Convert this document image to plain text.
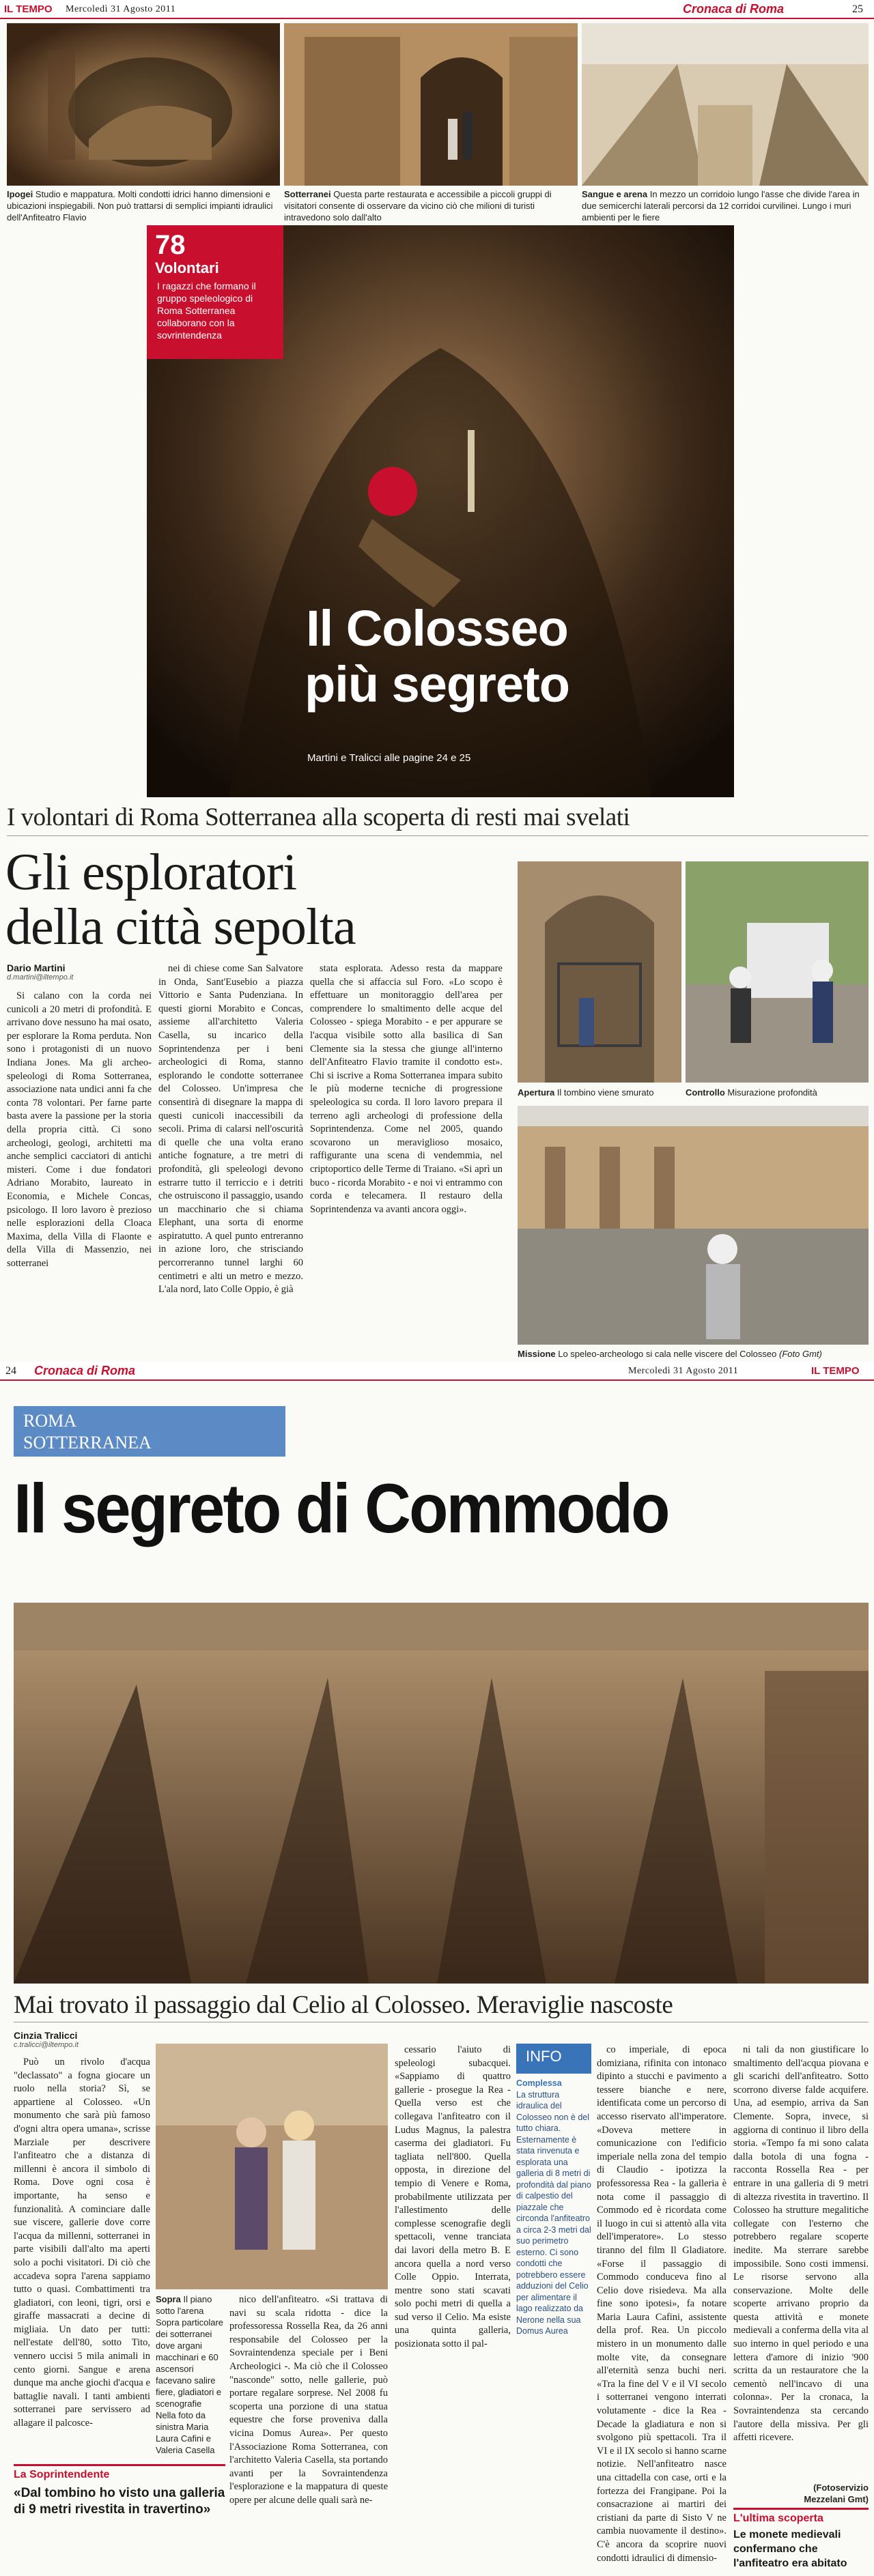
IL TEMPO Mercoledì 31 Agosto 2011	Cronaca di Roma	25
Ipogei Studio e mappatura. Molti condotti idrici hanno dimensioni e ubicazioni inspiegabili. Non può trattarsi di semplici impianti idraulici dell'Anfiteatro Flavio
Sotterranei Questa parte restaurata e accessibile a piccoli gruppi di visitatori consente di osservare da vicino ciò che milioni di turisti intravedono solo dall'alto
Sangue e arena In mezzo un corridoio lungo l'asse che divide l'area in due semicerchi laterali percorsi da 12 corridoi curvilinei. Lungo i muri ambienti per le fiere
78
Volontari
I ragazzi che formano il gruppo speleologico di Roma Sotterranea collaborano con la sovrintendenza
Il Colosseo
più segreto
Martini e Tralicci alle pagine 24 e 25
I volontari di Roma Sotterranea alla scoperta di resti mai svelati
Gli esploratori
della città sepolta
Dario Martini
d.martini@iltempo.it

Si calano con la corda nei cunicoli a 20 metri di profondità. E arrivano dove nessuno ha mai osato, per esplorare la Roma perduta. Non sono i protagonisti di un nuovo Indiana Jones. Ma gli archeo-speleologi di Roma Sotterranea, associazione nata undici anni fa che conta 78 volontari. Per farne parte basta avere la passione per la storia della propria città. Ci sono archeologi, geologi, architetti ma anche semplici cacciatori di antichi misteri. Come i due fondatori Adriano Morabito, laureato in Economia, e Michele Concas, psicologo. Il loro lavoro è prezioso nelle esplorazioni della Cloaca Maxima, della Villa di Flaonte e della Villa di Massenzio, nei sotterranei

nei di chiese come San Salvatore in Onda, Sant'Eusebio a piazza Vittorio e Santa Pudenziana. In questi giorni Morabito e Concas, assieme all'architetto Valeria Casella, su incarico della Soprintendenza per i beni archeologici di Roma, stanno esplorando le condotte sotterranee del Colosseo. Un'impresa che consentirà di disegnare la mappa di questi cunicoli inaccessibili da secoli. Prima di calarsi nell'oscurità di quelle che una volta erano antiche fognature, a tre metri di profondità, gli speleologi devono estrarre tutto il terriccio e i detriti che ostruiscono il passaggio, usando un macchinario che si chiama Elephant, una sorta di enorme aspiratutto. A quel punto entreranno in azione loro, che strisciando percorreranno tunnel larghi 60 centimetri e alti un metro e mezzo. L'ala nord, lato Colle Oppio, è già

stata esplorata. Adesso resta da mappare quella che si affaccia sul Foro. «Lo scopo è effettuare un monitoraggio dell'area per comprendere lo smaltimento delle acque del Colosseo - spiega Morabito - e per appurare se l'acqua visibile sotto alla basilica di San Clemente sia la stessa che giunge all'interno dell'Anfiteatro Flavio tramite il condotto est». Chi si iscrive a Roma Sotterranea impara subito le più moderne tecniche di progressione speleologica su corda. Il loro lavoro prepara il terreno agli archeologi di professione della Soprintendenza. Come nel 2005, quando scovarono un meraviglioso mosaico, raffigurante una scena di vendemmia, nel criptoportico delle Terme di Traiano. «Si aprì un buco - ricorda Morabito - e noi vi entrammo con corda e telecamera. Il restauro della Soprintendenza va avanti ancora oggi».

Apertura Il tombino viene smurato	Controllo Misurazione profondità
Missione Lo speleo-archeologo si cala nelle viscere del Colosseo (Foto Gmt)
24 Cronaca di Roma	Mercoledì 31 Agosto 2011	IL TEMPO
ROMA
SOTTERRANEA
Il segreto di Commodo
Mai trovato il passaggio dal Celio al Colosseo. Meraviglie nascoste
Cinzia Tralicci
c.tralicci@iltempo.it

Può un rivolo d'acqua "declassato" a fogna giocare un ruolo nella storia? Sì, se appartiene al Colosseo. «Un monumento che sarà più famoso d'ogni altra opera umana», scrisse Marziale per descrivere l'anfiteatro che a distanza di millenni è ancora il simbolo di Roma. Dove ogni cosa è importante, ha senso e funzionalità. A cominciare dalle sue viscere, gallerie dove corre l'acqua da millenni, sotterranei in parte visibili dall'alto ma aperti solo a pochi visitatori. Di ciò che accadeva sopra l'arena sappiamo tutto o quasi. Combattimenti tra gladiatori, con leoni, tigri, orsi e giraffe massacrati a decine di migliaia. Un dato per tutti: nell'estate dell'80, sotto Tito, vennero uccisi 5 mila animali in cento giorni. Sangue e arena dunque ma anche giochi d'acqua e battaglie navali. I tanti ambienti sotterranei pare servissero ad allagare il palcosce-

Sopra Il piano sotto l'arena Sopra particolare dei sotterranei dove argani macchinari e 60 ascensori facevano salire fiere, gladiatori e scenografie Nella foto da sinistra Maria Laura Cafini e Valeria Casella

nico dell'anfiteatro. «Si trattava di navi su scala ridotta - dice la professoressa Rossella Rea, da 26 anni responsabile del Colosseo per la Sovraintendenza speciale per i Beni Archeologici -. Ma ciò che il Colosseo "nasconde" sotto, nelle gallerie, può portare regalare sorprese. Nel 2008 fu scoperta una porzione di una statua equestre che forse proveniva dalla vicina Domus Aurea». Per questo l'Associazione Roma Sotterranea, con l'architetto Valeria Casella, sta portando avanti per la Sovraintendenza l'esplorazione e la mappatura di queste opere per alcune delle quali sarà ne-

cessario l'aiuto di speleologi subacquei. «Sappiamo di quattro gallerie - prosegue la Rea - Quella verso est che collegava l'anfiteatro con il Ludus Magnus, la palestra caserma dei gladiatori. Fu tagliata nell'800. Quella opposta, in direzione del tempio di Venere e Roma, probabilmente utilizzata per l'allestimento delle complesse scenografie degli spettacoli, venne tranciata dai lavori della metro B. E ancora quella a nord verso Colle Oppio. Interrata, mentre sono stati scavati solo pochi metri di quella a sud verso il Celio. Ma esiste una quinta galleria, posizionata sotto il pal-

INFO
Complessa
La struttura idraulica del Colosseo non è del tutto chiara. Esternamente è stata rinvenuta e esplorata una galleria di 8 metri di profondità dal piano di calpestio del piazzale che circonda l'anfiteatro a circa 2-3 metri dal suo perimetro esterno. Ci sono condotti che potrebbero essere adduzioni del Celio per alimentare il lago realizzato da Nerone nella sua Domus Aurea

co imperiale, di epoca domiziana, rifinita con intonaco dipinto a stucchi e pavimento a tessere bianche e nere, identificata come un percorso di accesso riservato all'imperatore. «Doveva mettere in comunicazione con l'edificio imperiale nella zona del tempio di Claudio - ipotizza la professoressa Rea - la galleria è nota come il passaggio di Commodo ed è ricordata come il luogo in cui si attentò alla vita dell'imperatore». Lo stesso tiranno del film Il Gladiatore. «Forse il passaggio di Commodo conduceva fino al Celio dove risiedeva. Ma alla fine sono ipotesi», fa notare Maria Laura Cafini, assistente della prof. Rea. Un piccolo mistero in un monumento dalle molte vite, da consegnare all'eternità senza buchi neri. «Tra la fine del V e il VI secolo i sotterranei vengono interrati volutamente - dice la Rea - Decade la gladiatura e non si svolgono più spettacoli. Tra il VI e il IX secolo si hanno scarne notizie. Nell'anfiteatro nasce una cittadella con case, orti e la fortezza dei Frangipane. Poi la consacrazione ai martiri dei cristiani da parte di Sisto V ne cambia nuovamente il destino». C'è ancora da scoprire nuovi condotti idraulici di dimensio-

ni tali da non giustificare lo smaltimento dell'acqua piovana e gli scarichi dell'anfiteatro. Sotto scorrono diverse falde acquifere. Una, ad esempio, arriva da San Clemente. Sopra, invece, si aggiorna di continuo il libro della storia. «Tempo fa mi sono calata dalla botola di una fogna - racconta Rossella Rea - per entrare in una galleria di 9 metri di altezza rivestita in travertino. Il Colosseo ha strutture megalitiche collegate con l'esterno che potrebbero regalare scoperte inedite. Ma sterrare sarebbe impossibile. Sono costi immensi. Le risorse servono alla conservazione. Molte delle scoperte arrivano proprio da questa attività e monete medievali a conferma della vita al suo interno in quel periodo e una lettera d'amore di inizio '900 scritta da un restauratore che la cementò nell'incavo di una colonna». Per la cronaca, la Sovraintendenza sta cercando l'autore della missiva. Per gli affetti ricevere.

(Fotoservizio
Mezzelani Gmt)
La Soprintendente
«Dal tombino ho visto una galleria di 9 metri rivestita in travertino»
L'ultima scoperta
Le monete medievali confermano che l'anfiteatro era abitato
